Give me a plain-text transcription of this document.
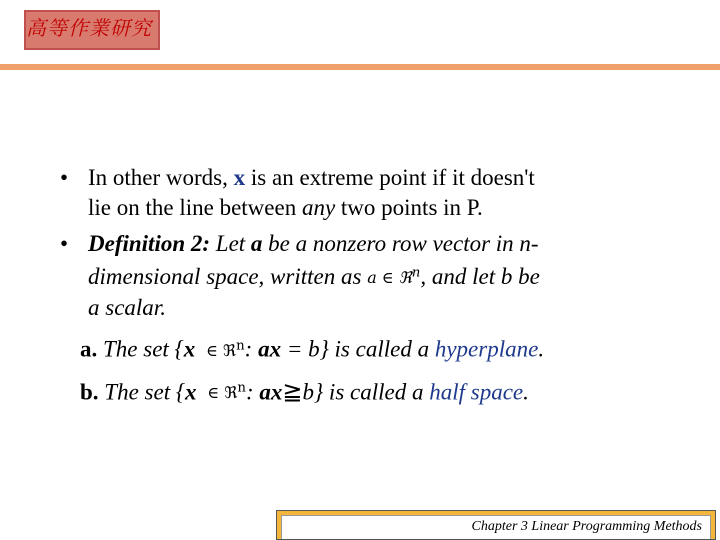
高等作業研究
• In other words, x is an extreme point if it doesn't
lie on the line between any two points in P.
• Definition 2: Let a be a nonzero row vector in n-
dimensional space, written as a ∈ ℜ$^n$, and let b be
a scalar.
a. The set {x ∈ ℜ$^n$: ax = b} is called a hyperplane.
b. The set {x ∈ ℜ$^n$: ax≧b} is called a half space.
Chapter 3 Linear Programming Methods
